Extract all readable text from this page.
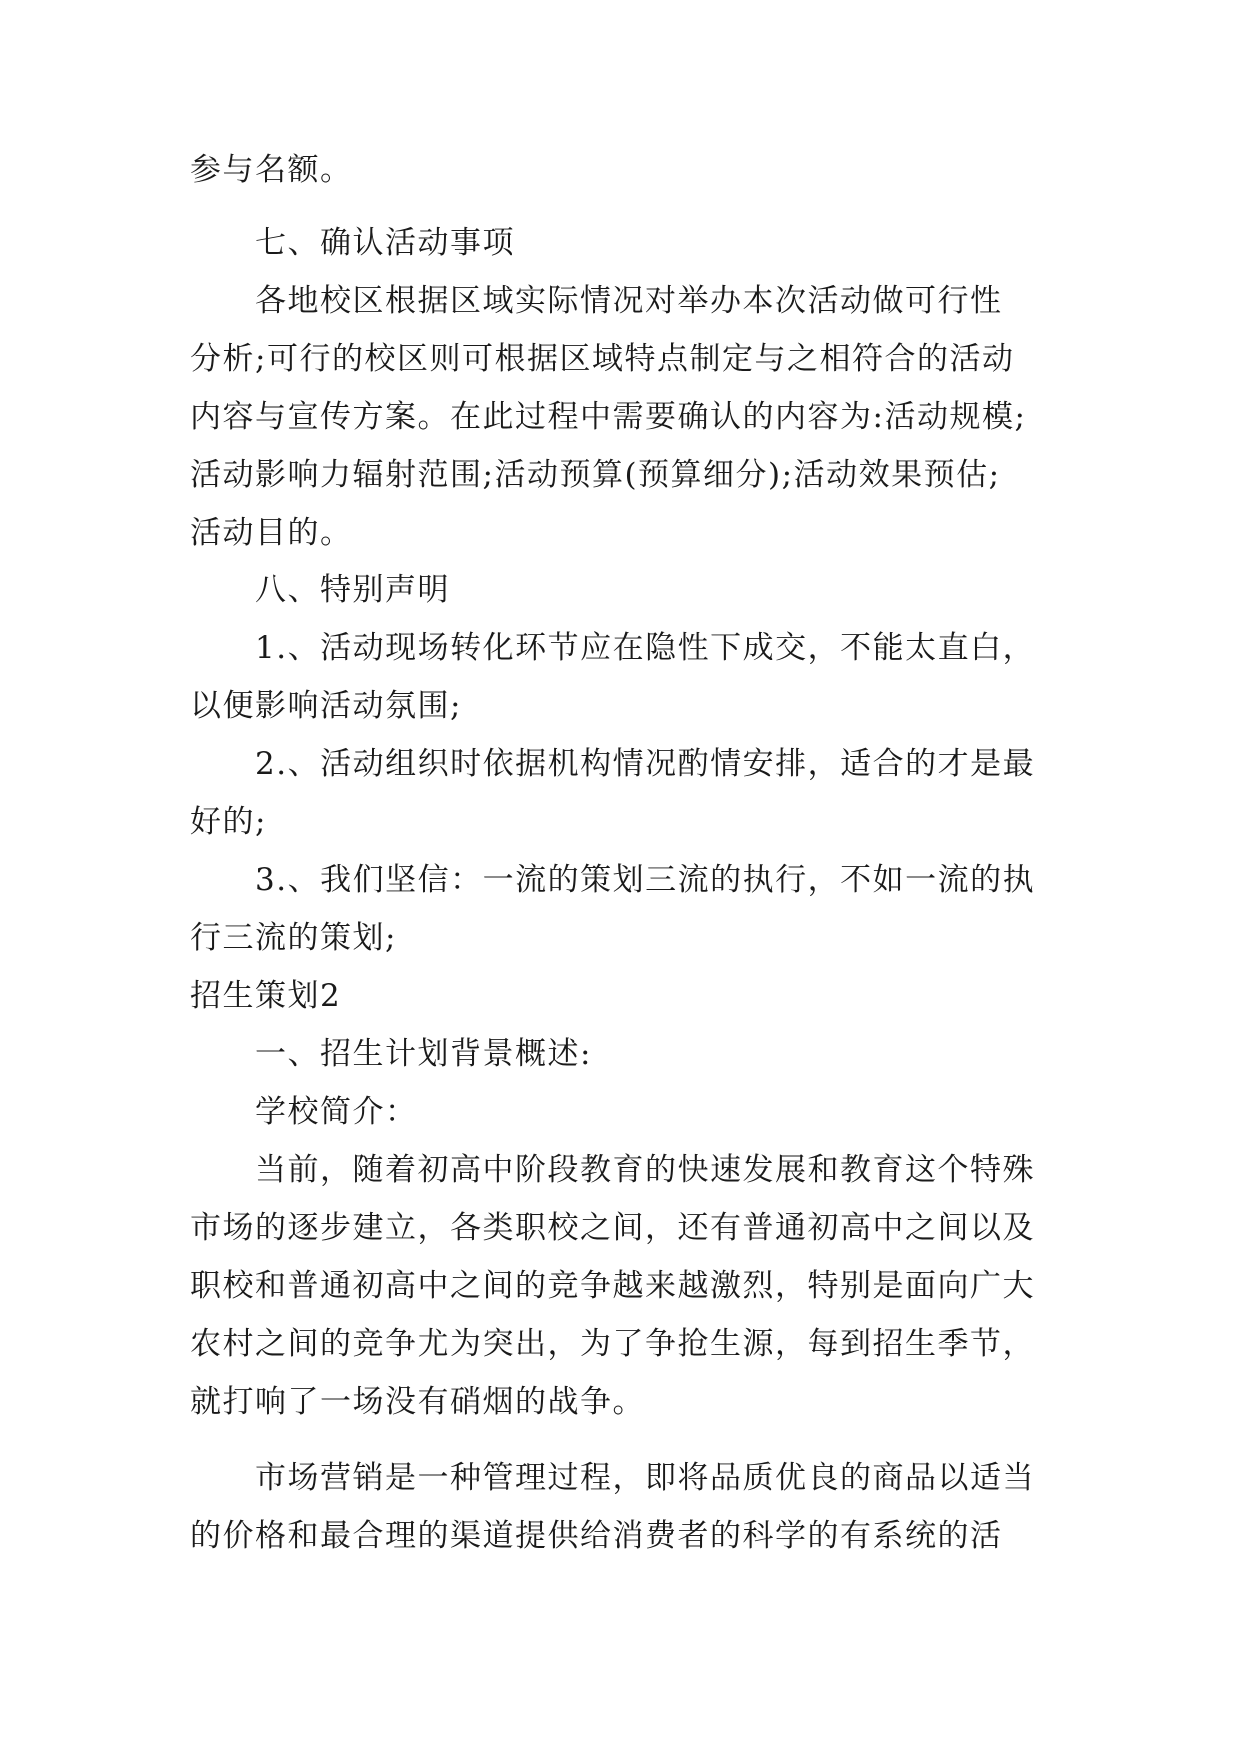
参与名额。
七、确认活动事项
各地校区根据区域实际情况对举办本次活动做可行性
分析;可行的校区则可根据区域特点制定与之相符合的活动
内容与宣传方案。在此过程中需要确认的内容为:活动规模;
活动影响力辐射范围;活动预算(预算细分);活动效果预估;
活动目的。
八、特别声明
1.、活动现场转化环节应在隐性下成交，不能太直白，
以便影响活动氛围;
2.、活动组织时依据机构情况酌情安排，适合的才是最
好的;
3.、我们坚信：一流的策划三流的执行，不如一流的执
行三流的策划;
招生策划2
一、招生计划背景概述:
学校简介：
当前，随着初高中阶段教育的快速发展和教育这个特殊
市场的逐步建立，各类职校之间，还有普通初高中之间以及
职校和普通初高中之间的竞争越来越激烈，特别是面向广大
农村之间的竞争尤为突出，为了争抢生源，每到招生季节，
就打响了一场没有硝烟的战争。
市场营销是一种管理过程，即将品质优良的商品以适当
的价格和最合理的渠道提供给消费者的科学的有系统的活
